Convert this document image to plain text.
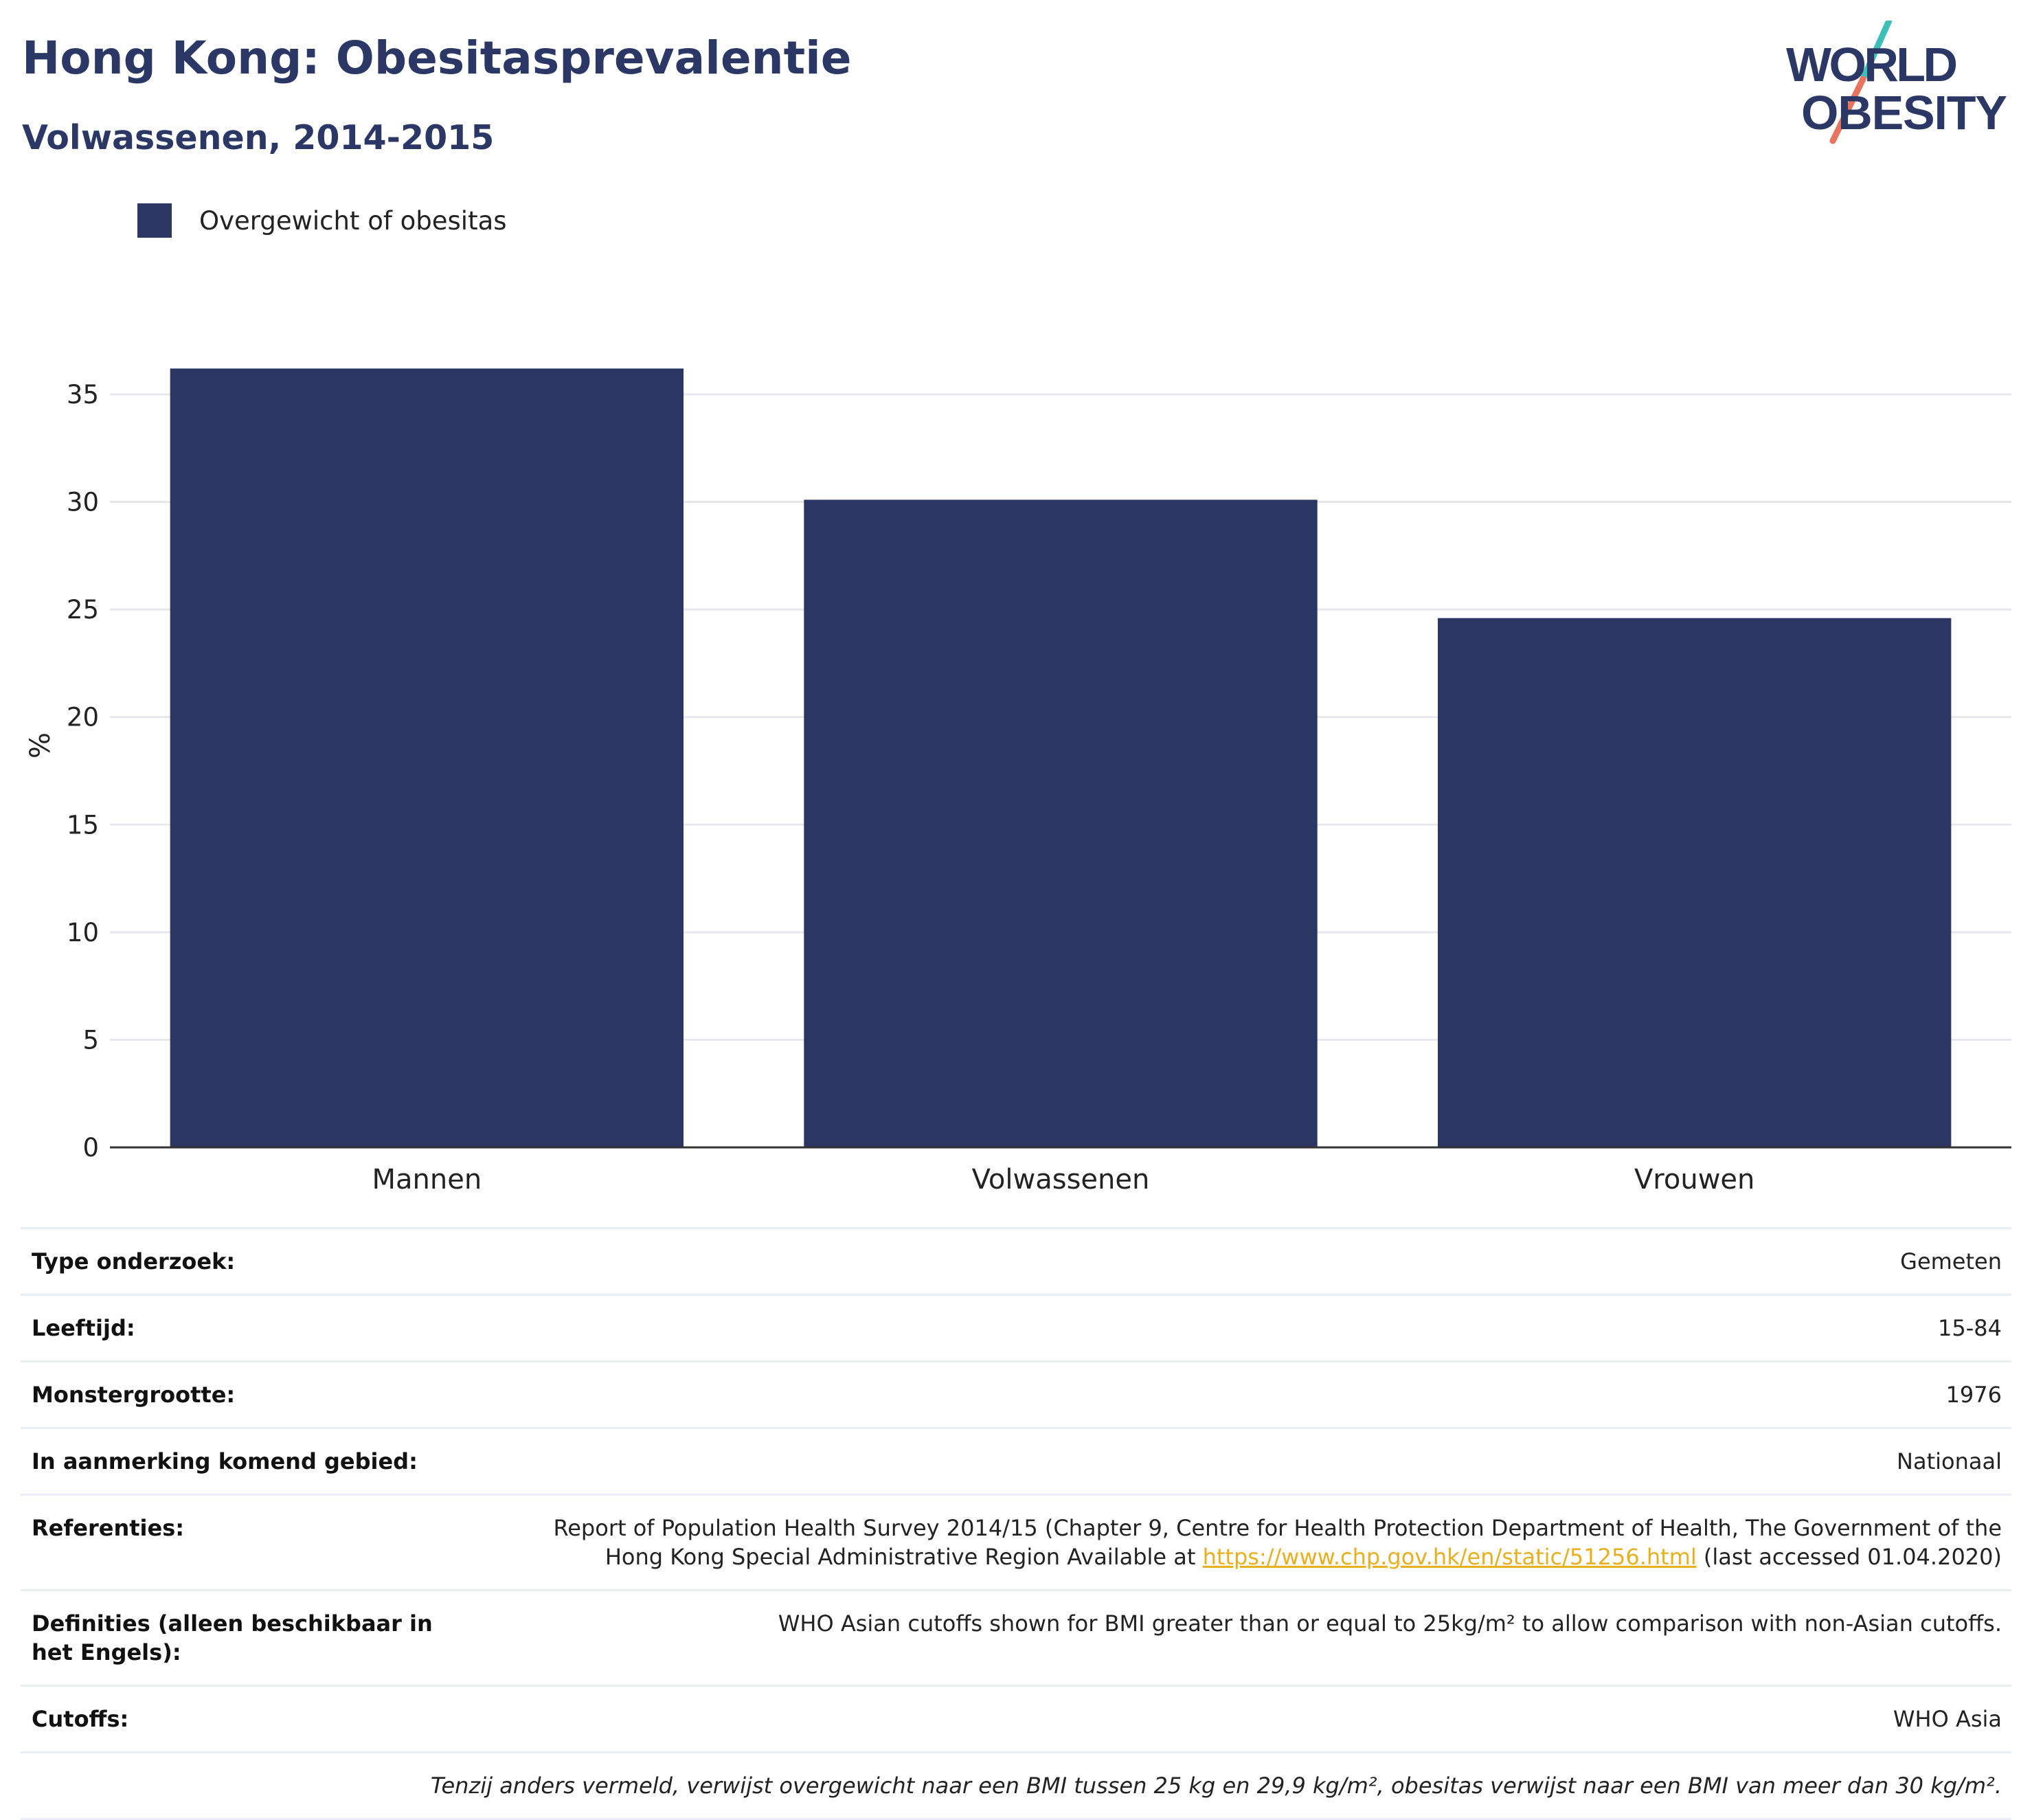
Hong Kong: Obesitasprevalentie
Volwassenen, 2014-2015
WORLD
OBESITY
Overgewicht of obesitas
0
5
10
15
20
25
30
35
Mannen	Volwassenen	Vrouwen
%
Type onderzoek:	Gemeten
Leeftijd:	15-84
Monstergrootte:	1976
In aanmerking komend gebied:	Nationaal
Referenties:	Report of Population Health Survey 2014/15 (Chapter 9, Centre for Health Protection Department of Health, The Government of the
Hong Kong Special Administrative Region Available at https://www.chp.gov.hk/en/static/51256.html (last accessed 01.04.2020)
Definities (alleen beschikbaar in het Engels):	WHO Asian cutoffs shown for BMI greater than or equal to 25kg/m² to allow comparison with non-Asian cutoffs.
Cutoffs:	WHO Asia
Tenzij anders vermeld, verwijst overgewicht naar een BMI tussen 25 kg en 29,9 kg/m², obesitas verwijst naar een BMI van meer dan 30 kg/m².	
